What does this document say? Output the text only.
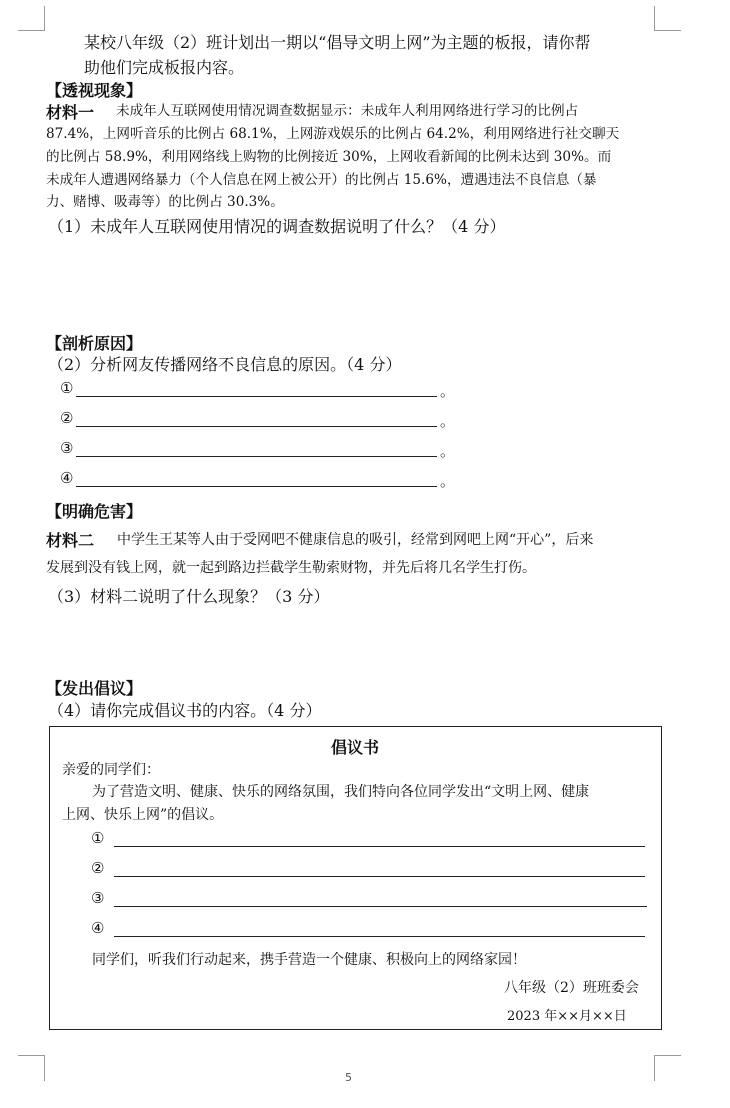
某校八年级（2）班计划出一期以“倡导文明上网”为主题的板报，请你帮
助他们完成板报内容。
【透视现象】
材料一 未成年人互联网使用情况调查数据显示：未成年人利用网络进行学习的比例占
87.4%，上网听音乐的比例占 68.1%，上网游戏娱乐的比例占 64.2%，利用网络进行社交聊天
的比例占 58.9%，利用网络线上购物的比例接近 30%，上网收看新闻的比例未达到 30%。而
未成年人遭遇网络暴力（个人信息在网上被公开）的比例占 15.6%，遭遇违法不良信息（暴
力、赌博、吸毒等）的比例占 30.3%。
（1）未成年人互联网使用情况的调查数据说明了什么？（4 分）
【剖析原因】
（2）分析网友传播网络不良信息的原因。（4 分）
①	。
②	。
③	。
④	。
【明确危害】
材料二 中学生王某等人由于受网吧不健康信息的吸引，经常到网吧上网“开心”，后来
发展到没有钱上网，就一起到路边拦截学生勒索财物，并先后将几名学生打伤。
（3）材料二说明了什么现象？（3 分）
【发出倡议】
（4）请你完成倡议书的内容。（4 分）
倡议书
亲爱的同学们：
为了营造文明、健康、快乐的网络氛围，我们特向各位同学发出“文明上网、健康
上网、快乐上网”的倡议。
①
②
③
④
同学们，听我们行动起来，携手营造一个健康、积极向上的网络家园！
八年级（2）班班委会
2023 年××月××日
5
